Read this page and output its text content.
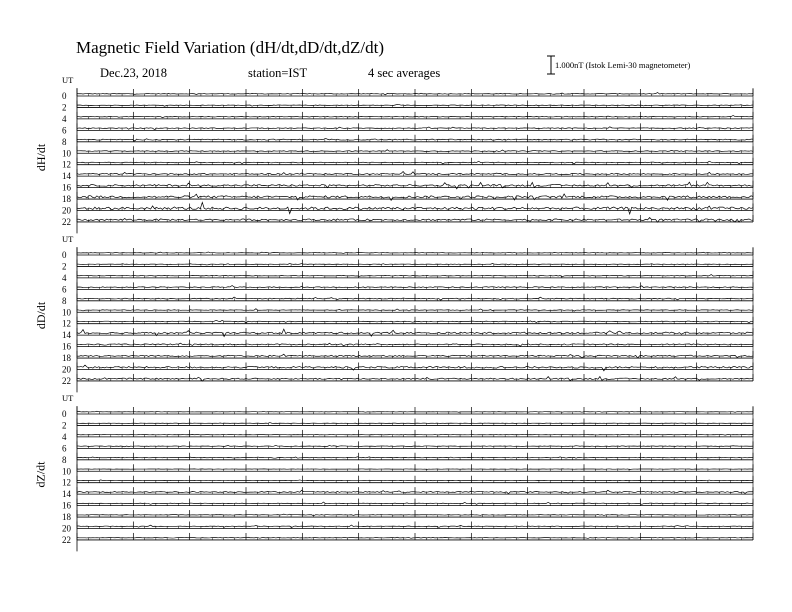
Magnetic Field Variation (dH/dt,dD/dt,dZ/dt)
Dec.23, 2018	station=IST	4 sec averages
1.000nT (Istok Lemi-30 magnetometer)
UT
UT
UT
dH/dt
dD/dt
dZ/dt
0
2
4
6
8
10
12
14
16
18
20
22
0
2
4
6
8
10
12
14
16
18
20
22
0
2
4
6
8
10
12
14
16
18
20
22
